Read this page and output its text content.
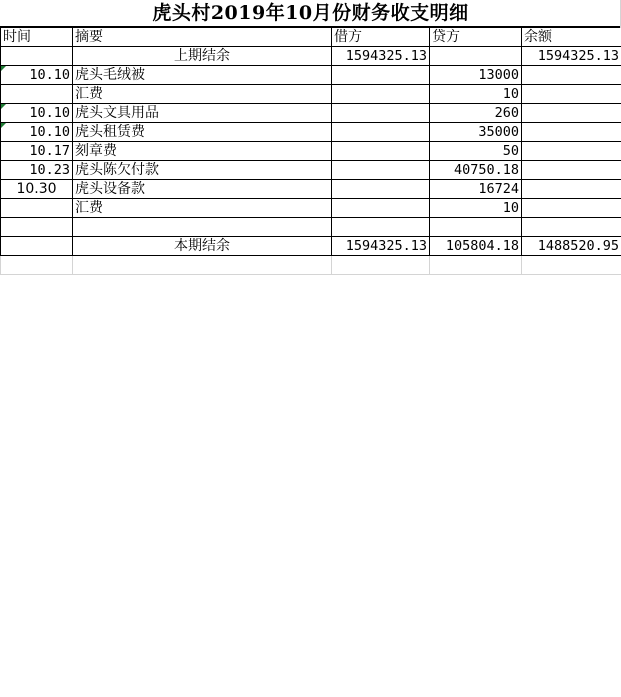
虎头村2019年10月份财务收支明细
时间	摘要	借方	贷方	余额
	上期结余	1594325.13		1594325.13
10.10	虎头毛绒被		13000	
	汇费		10	
10.10	虎头文具用品		260	
10.10	虎头租赁费		35000	
10.17	刻章费		50	
10.23	虎头陈欠付款		40750.18	
10.30	虎头设备款		16724	
	汇费		10	

	本期结余	1594325.13	105804.18	1488520.95
